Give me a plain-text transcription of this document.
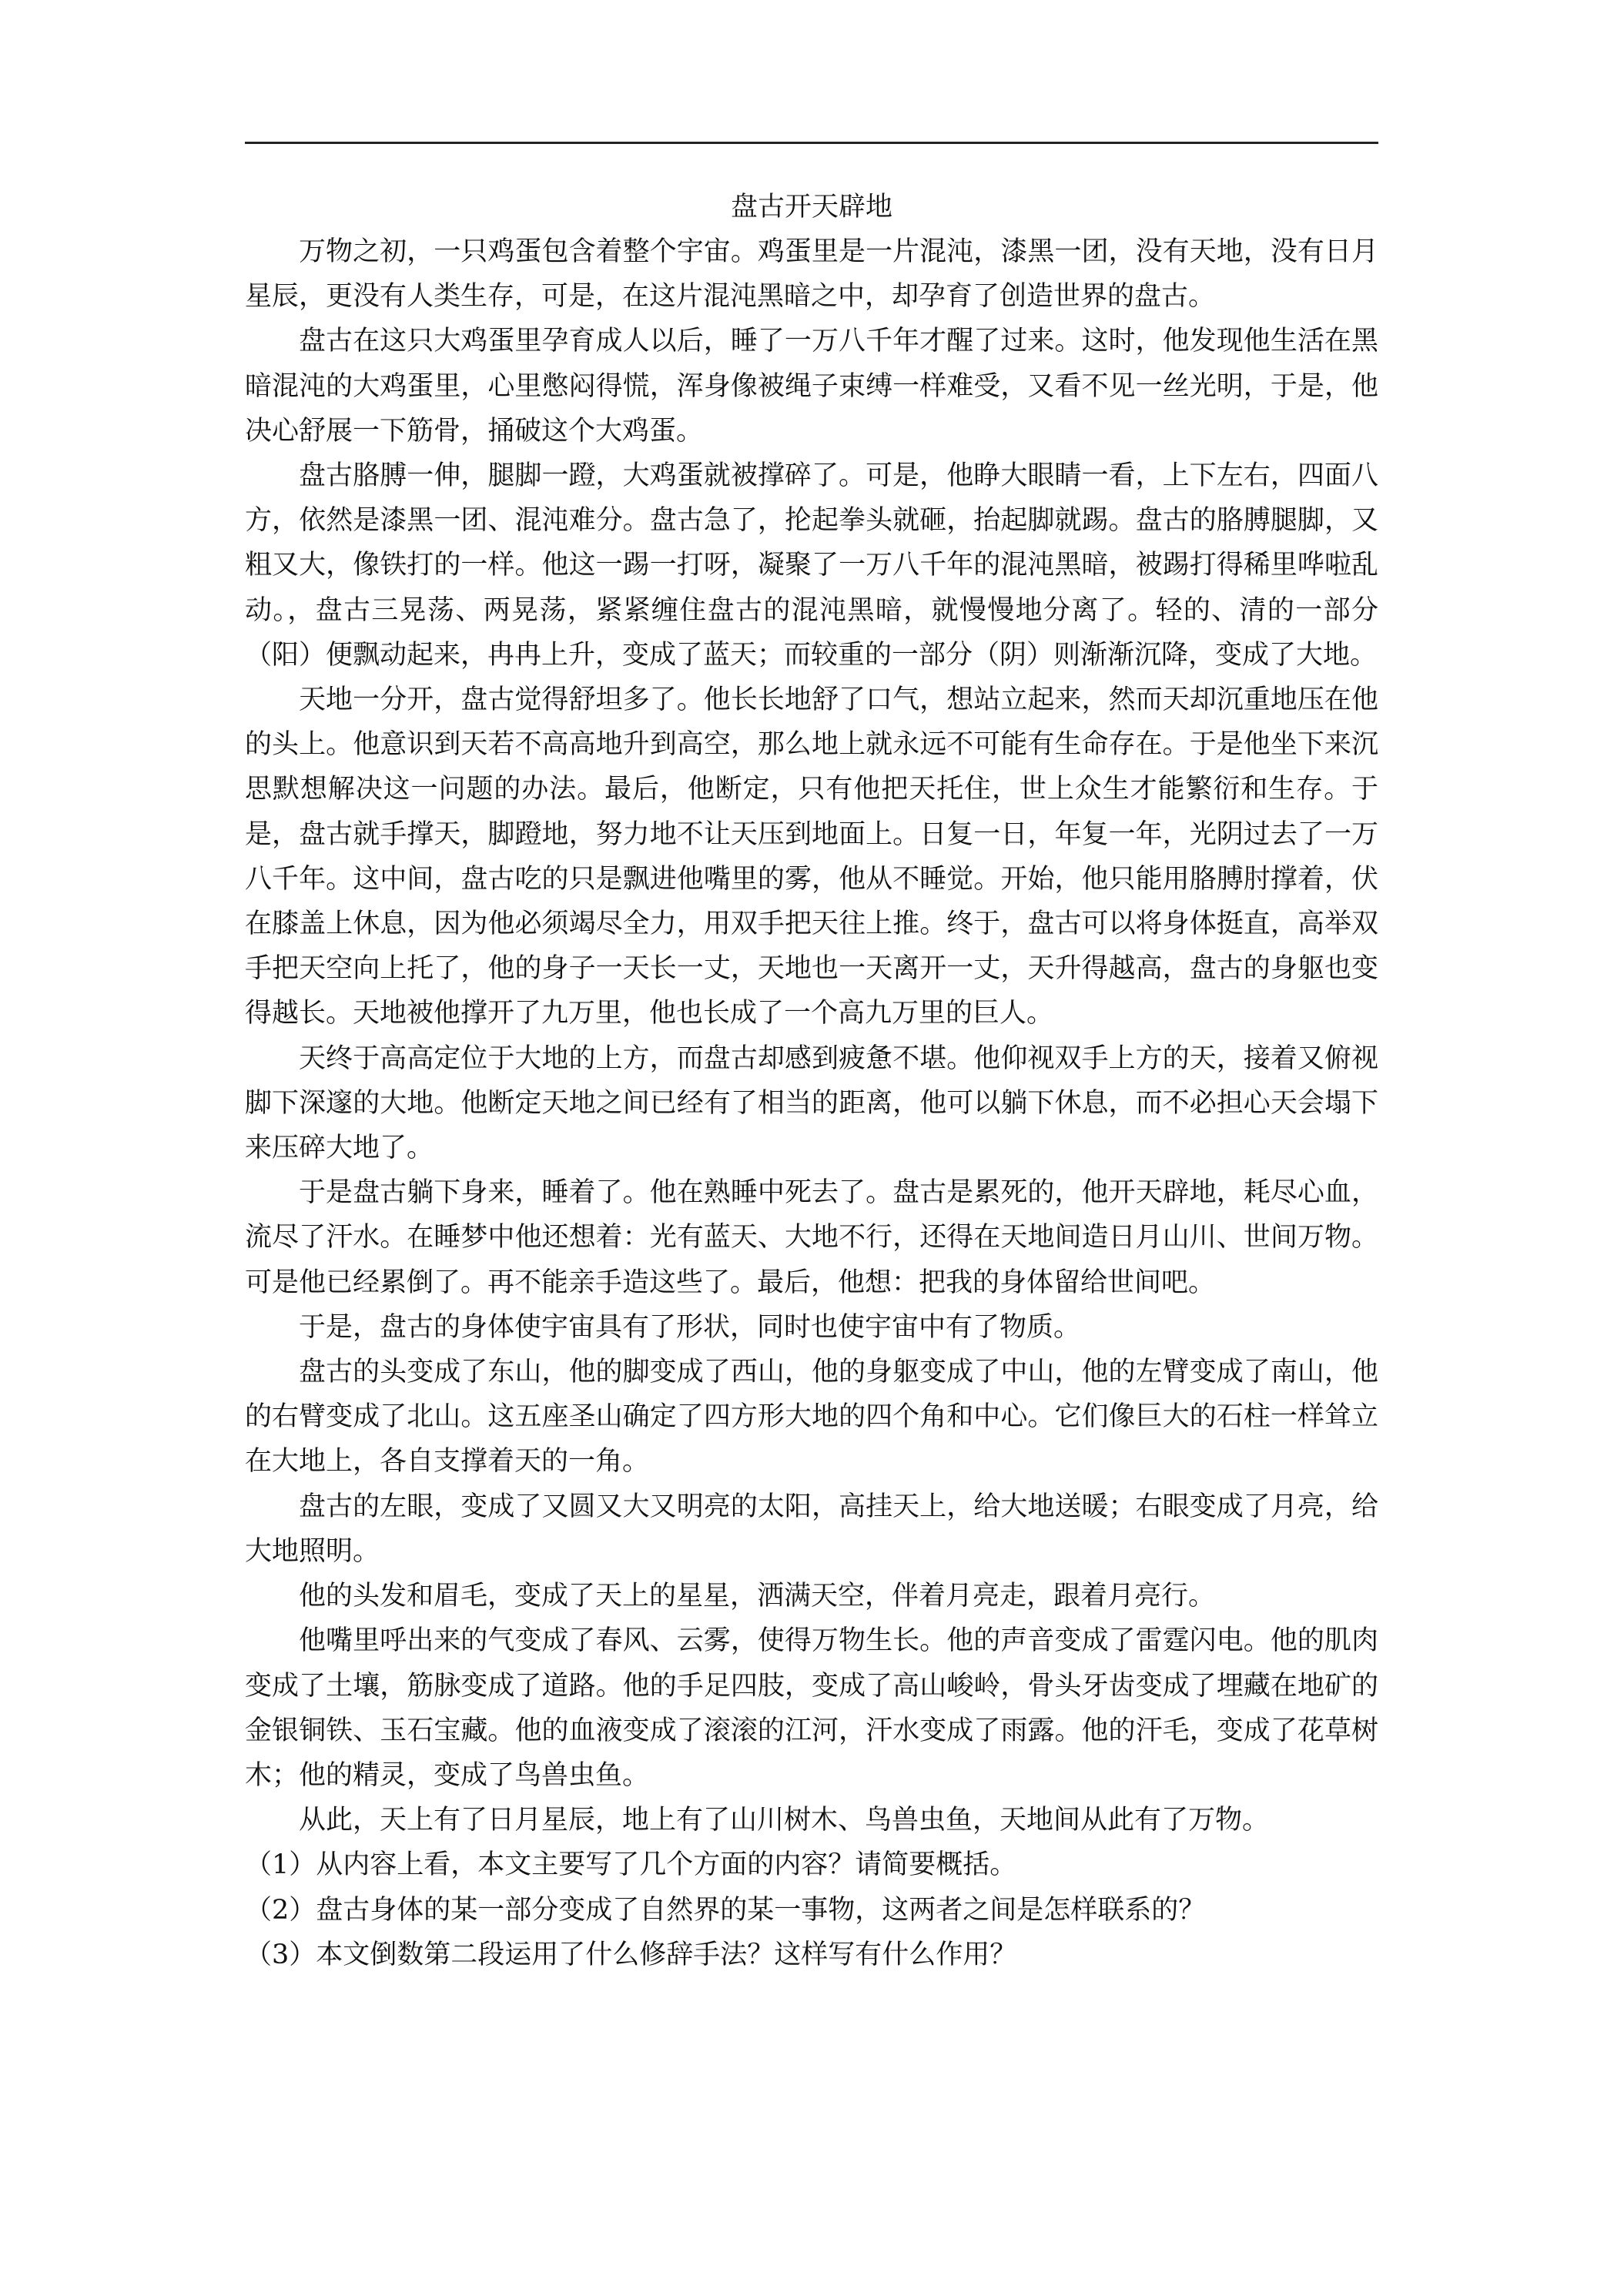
盘古开天辟地

万物之初，一只鸡蛋包含着整个宇宙。鸡蛋里是一片混沌，漆黑一团，没有天地，没有日月星辰，更没有人类生存，可是，在这片混沌黑暗之中，却孕育了创造世界的盘古。

盘古在这只大鸡蛋里孕育成人以后，睡了一万八千年才醒了过来。这时，他发现他生活在黑暗混沌的大鸡蛋里，心里憋闷得慌，浑身像被绳子束缚一样难受，又看不见一丝光明，于是，他决心舒展一下筋骨，捅破这个大鸡蛋。

盘古胳膊一伸，腿脚一蹬，大鸡蛋就被撑碎了。可是，他睁大眼睛一看，上下左右，四面八方，依然是漆黑一团、混沌难分。盘古急了，抡起拳头就砸，抬起脚就踢。盘古的胳膊腿脚，又粗又大，像铁打的一样。他这一踢一打呀，凝聚了一万八千年的混沌黑暗，被踢打得稀里哗啦乱动。，盘古三晃荡、两晃荡，紧紧缠住盘古的混沌黑暗，就慢慢地分离了。轻的、清的一部分（阳）便飘动起来，冉冉上升，变成了蓝天；而较重的一部分（阴）则渐渐沉降，变成了大地。

天地一分开，盘古觉得舒坦多了。他长长地舒了口气，想站立起来，然而天却沉重地压在他的头上。他意识到天若不高高地升到高空，那么地上就永远不可能有生命存在。于是他坐下来沉思默想解决这一问题的办法。最后，他断定，只有他把天托住，世上众生才能繁衍和生存。于是，盘古就手撑天，脚蹬地，努力地不让天压到地面上。日复一日，年复一年，光阴过去了一万八千年。这中间，盘古吃的只是飘进他嘴里的雾，他从不睡觉。开始，他只能用胳膊肘撑着，伏在膝盖上休息，因为他必须竭尽全力，用双手把天往上推。终于，盘古可以将身体挺直，高举双手把天空向上托了，他的身子一天长一丈，天地也一天离开一丈，天升得越高，盘古的身躯也变得越长。天地被他撑开了九万里，他也长成了一个高九万里的巨人。

天终于高高定位于大地的上方，而盘古却感到疲惫不堪。他仰视双手上方的天，接着又俯视脚下深邃的大地。他断定天地之间已经有了相当的距离，他可以躺下休息，而不必担心天会塌下来压碎大地了。

于是盘古躺下身来，睡着了。他在熟睡中死去了。盘古是累死的，他开天辟地，耗尽心血，流尽了汗水。在睡梦中他还想着：光有蓝天、大地不行，还得在天地间造日月山川、世间万物。可是他已经累倒了。再不能亲手造这些了。最后，他想：把我的身体留给世间吧。

于是，盘古的身体使宇宙具有了形状，同时也使宇宙中有了物质。

盘古的头变成了东山，他的脚变成了西山，他的身躯变成了中山，他的左臂变成了南山，他的右臂变成了北山。这五座圣山确定了四方形大地的四个角和中心。它们像巨大的石柱一样耸立在大地上，各自支撑着天的一角。

盘古的左眼，变成了又圆又大又明亮的太阳，高挂天上，给大地送暖；右眼变成了月亮，给大地照明。

他的头发和眉毛，变成了天上的星星，洒满天空，伴着月亮走，跟着月亮行。

他嘴里呼出来的气变成了春风、云雾，使得万物生长。他的声音变成了雷霆闪电。他的肌肉变成了土壤，筋脉变成了道路。他的手足四肢，变成了高山峻岭，骨头牙齿变成了埋藏在地矿的金银铜铁、玉石宝藏。他的血液变成了滚滚的江河，汗水变成了雨露。他的汗毛，变成了花草树木；他的精灵，变成了鸟兽虫鱼。

从此，天上有了日月星辰，地上有了山川树木、鸟兽虫鱼，天地间从此有了万物。

（1）从内容上看，本文主要写了几个方面的内容？请简要概括。

（2）盘古身体的某一部分变成了自然界的某一事物，这两者之间是怎样联系的？

（3）本文倒数第二段运用了什么修辞手法？这样写有什么作用？
